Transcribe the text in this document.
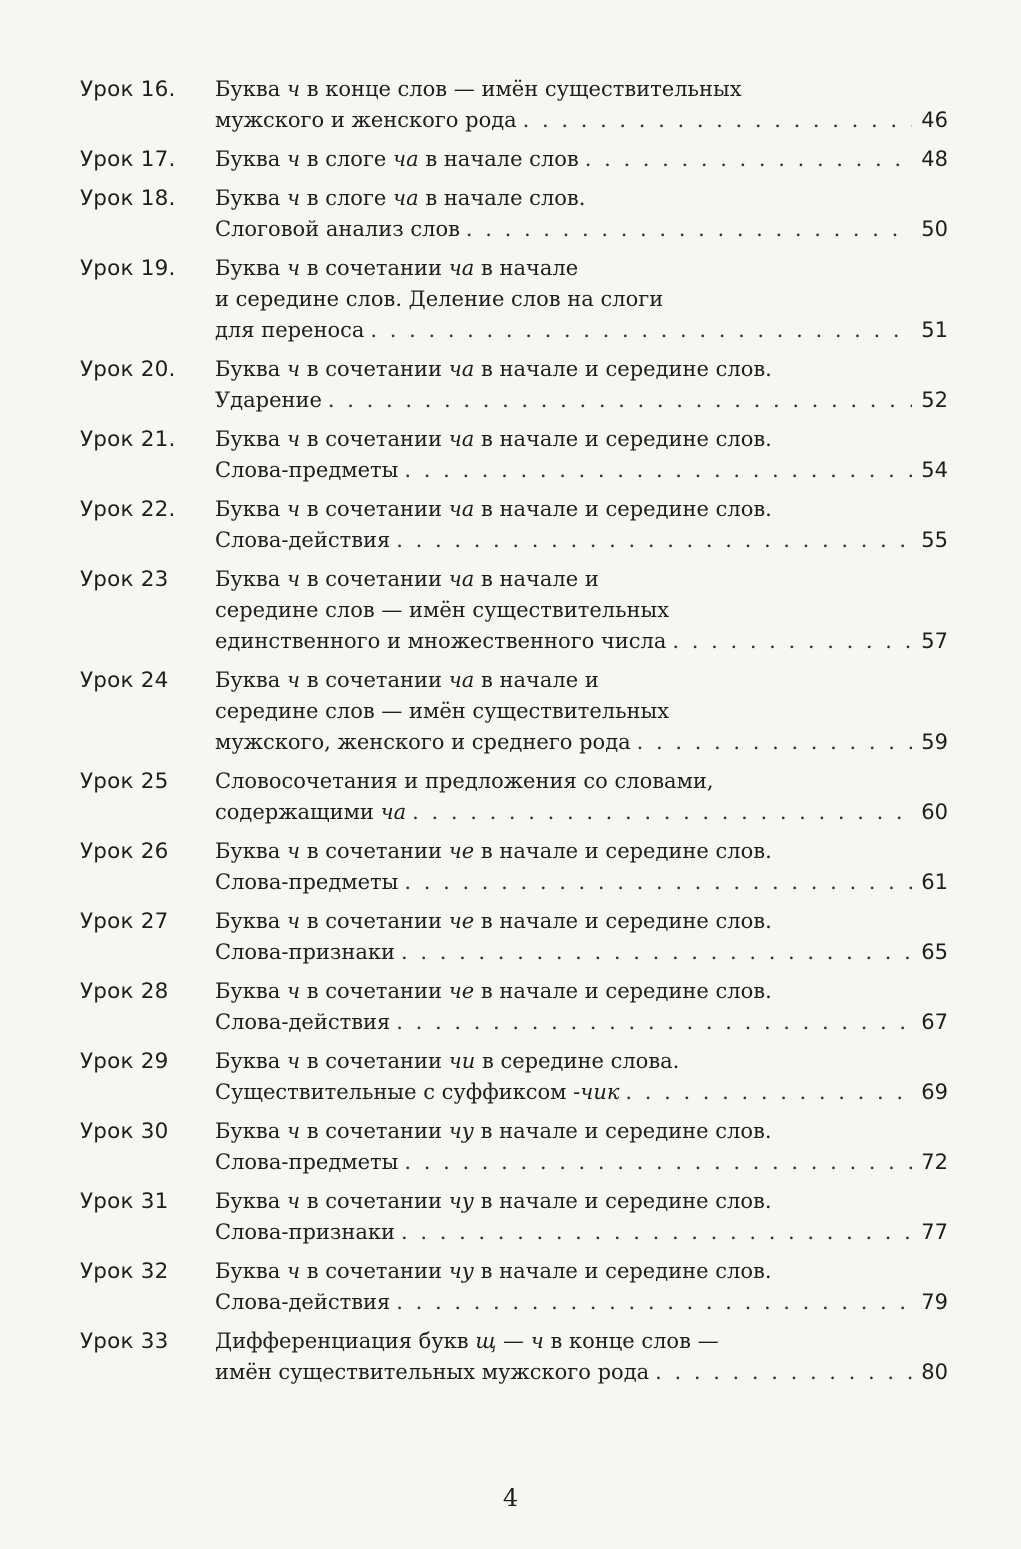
Урок 16.	Буква ч в конце слов — имён существительных
мужского и женского рода . . .	46
Урок 17.	Буква ч в слоге ча в начале слов . . .	48
Урок 18.	Буква ч в слоге ча в начале слов.
Слоговой анализ слов . . .	50
Урок 19.	Буква ч в сочетании ча в начале
и середине слов. Деление слов на слоги
для переноса . . .	51
Урок 20.	Буква ч в сочетании ча в начале и середине слов.
Ударение . . .	52
Урок 21.	Буква ч в сочетании ча в начале и середине слов.
Слова-предметы . . .	54
Урок 22.	Буква ч в сочетании ча в начале и середине слов.
Слова-действия . . .	55
Урок 23	Буква ч в сочетании ча в начале и
середине слов — имён существительных
единственного и множественного числа . . .	57
Урок 24	Буква ч в сочетании ча в начале и
середине слов — имён существительных
мужского, женского и среднего рода . . .	59
Урок 25	Словосочетания и предложения со словами,
содержащими ча . . .	60
Урок 26	Буква ч в сочетании че в начале и середине слов.
Слова-предметы . . .	61
Урок 27	Буква ч в сочетании че в начале и середине слов.
Слова-признаки . . .	65
Урок 28	Буква ч в сочетании че в начале и середине слов.
Слова-действия . . .	67
Урок 29	Буква ч в сочетании чи в середине слова.
Существительные с суффиксом -чик . . .	69
Урок 30	Буква ч в сочетании чу в начале и середине слов.
Слова-предметы . . .	72
Урок 31	Буква ч в сочетании чу в начале и середине слов.
Слова-признаки . . .	77
Урок 32	Буква ч в сочетании чу в начале и середине слов.
Слова-действия . . .	79
Урок 33	Дифференциация букв щ — ч в конце слов —
имён существительных мужского рода . . .	80
4
